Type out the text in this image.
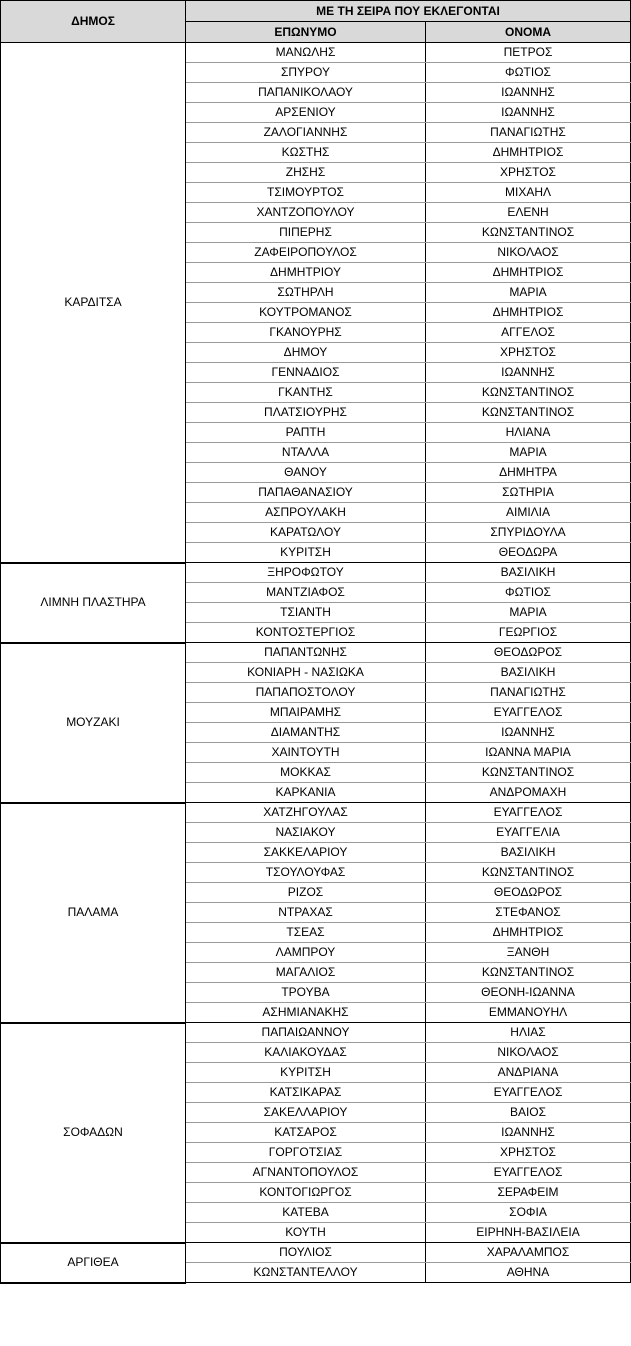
ΔΗΜΟΣ	ΜΕ ΤΗ ΣΕΙΡΑ ΠΟΥ ΕΚΛΕΓΟΝΤΑΙ	
	ΕΠΩΝΥΜΟ	ΟΝΟΜΑ
ΚΑΡΔΙΤΣΑ	ΜΑΝΩΛΗΣ	ΠΕΤΡΟΣ
	ΣΠΥΡΟΥ	ΦΩΤΙΟΣ
	ΠΑΠΑΝΙΚΟΛΑΟΥ	ΙΩΑΝΝΗΣ
	ΑΡΣΕΝΙΟΥ	ΙΩΑΝΝΗΣ
	ΖΑΛΟΓΙΑΝΝΗΣ	ΠΑΝΑΓΙΩΤΗΣ
	ΚΩΣΤΗΣ	ΔΗΜΗΤΡΙΟΣ
	ΖΗΣΗΣ	ΧΡΗΣΤΟΣ
	ΤΣΙΜΟΥΡΤΟΣ	ΜΙΧΑΗΛ
	ΧΑΝΤΖΟΠΟΥΛΟΥ	ΕΛΕΝΗ
	ΠΙΠΕΡΗΣ	ΚΩΝΣΤΑΝΤΙΝΟΣ
	ΖΑΦΕΙΡΟΠΟΥΛΟΣ	ΝΙΚΟΛΑΟΣ
	ΔΗΜΗΤΡΙΟΥ	ΔΗΜΗΤΡΙΟΣ
	ΣΩΤΗΡΛΗ	ΜΑΡΙΑ
	ΚΟΥΤΡΟΜΑΝΟΣ	ΔΗΜΗΤΡΙΟΣ
	ΓΚΑΝΟΥΡΗΣ	ΑΓΓΕΛΟΣ
	ΔΗΜΟΥ	ΧΡΗΣΤΟΣ
	ΓΕΝΝΑΔΙΟΣ	ΙΩΑΝΝΗΣ
	ΓΚΑΝΤΗΣ	ΚΩΝΣΤΑΝΤΙΝΟΣ
	ΠΛΑΤΣΙΟΥΡΗΣ	ΚΩΝΣΤΑΝΤΙΝΟΣ
	ΡΑΠΤΗ	ΗΛΙΑΝΑ
	ΝΤΑΛΛΑ	ΜΑΡΙΑ
	ΘΑΝΟΥ	ΔΗΜΗΤΡΑ
	ΠΑΠΑΘΑΝΑΣΙΟΥ	ΣΩΤΗΡΙΑ
	ΑΣΠΡΟΥΛΑΚΗ	ΑΙΜΙΛΙΑ
	ΚΑΡΑΤΩΛΟΥ	ΣΠΥΡΙΔΟΥΛΑ
	ΚΥΡΙΤΣΗ	ΘΕΟΔΩΡΑ
ΛΙΜΝΗ ΠΛΑΣΤΗΡΑ	ΞΗΡΟΦΩΤΟΥ	ΒΑΣΙΛΙΚΗ
	ΜΑΝΤΖΙΑΦΟΣ	ΦΩΤΙΟΣ
	ΤΣΙΑΝΤΗ	ΜΑΡΙΑ
	ΚΟΝΤΟΣΤΕΡΓΙΟΣ	ΓΕΩΡΓΙΟΣ
ΜΟΥΖΑΚΙ	ΠΑΠΑΝΤΩΝΗΣ	ΘΕΟΔΩΡΟΣ
	ΚΟΝΙΑΡΗ - ΝΑΣΙΩΚΑ	ΒΑΣΙΛΙΚΗ
	ΠΑΠΑΠΟΣΤΟΛΟΥ	ΠΑΝΑΓΙΩΤΗΣ
	ΜΠΑΙΡΑΜΗΣ	ΕΥΑΓΓΕΛΟΣ
	ΔΙΑΜΑΝΤΗΣ	ΙΩΑΝΝΗΣ
	ΧΑΙΝΤΟΥΤΗ	ΙΩΑΝΝΑ ΜΑΡΙΑ
	ΜΟΚΚΑΣ	ΚΩΝΣΤΑΝΤΙΝΟΣ
	ΚΑΡΚΑΝΙΑ	ΑΝΔΡΟΜΑΧΗ
ΠΑΛΑΜΑ	ΧΑΤΖΗΓΟΥΛΑΣ	ΕΥΑΓΓΕΛΟΣ
	ΝΑΣΙΑΚΟΥ	ΕΥΑΓΓΕΛΙΑ
	ΣΑΚΚΕΛΑΡΙΟΥ	ΒΑΣΙΛΙΚΗ
	ΤΣΟΥΛΟΥΦΑΣ	ΚΩΝΣΤΑΝΤΙΝΟΣ
	ΡΙΖΟΣ	ΘΕΟΔΩΡΟΣ
	ΝΤΡΑΧΑΣ	ΣΤΕΦΑΝΟΣ
	ΤΣΕΑΣ	ΔΗΜΗΤΡΙΟΣ
	ΛΑΜΠΡΟΥ	ΞΑΝΘΗ
	ΜΑΓΑΛΙΟΣ	ΚΩΝΣΤΑΝΤΙΝΟΣ
	ΤΡΟΥΒΑ	ΘΕΟΝΗ-ΙΩΑΝΝΑ
	ΑΣΗΜΙΑΝΑΚΗΣ	ΕΜΜΑΝΟΥΗΛ
ΣΟΦΑΔΩΝ	ΠΑΠΑΙΩΑΝΝΟΥ	ΗΛΙΑΣ
	ΚΑΛΙΑΚΟΥΔΑΣ	ΝΙΚΟΛΑΟΣ
	ΚΥΡΙΤΣΗ	ΑΝΔΡΙΑΝΑ
	ΚΑΤΣΙΚΑΡΑΣ	ΕΥΑΓΓΕΛΟΣ
	ΣΑΚΕΛΛΑΡΙΟΥ	ΒΑΙΟΣ
	ΚΑΤΣΑΡΟΣ	ΙΩΑΝΝΗΣ
	ΓΟΡΓΟΤΣΙΑΣ	ΧΡΗΣΤΟΣ
	ΑΓΝΑΝΤΟΠΟΥΛΟΣ	ΕΥΑΓΓΕΛΟΣ
	ΚΟΝΤΟΓΙΩΡΓΟΣ	ΣΕΡΑΦΕΙΜ
	ΚΑΤΕΒΑ	ΣΟΦΙΑ
	ΚΟΥΤΗ	ΕΙΡΗΝΗ-ΒΑΣΙΛΕΙΑ
ΑΡΓΙΘΕΑ	ΠΟΥΛΙΟΣ	ΧΑΡΑΛΑΜΠΟΣ
	ΚΩΝΣΤΑΝΤΕΛΛΟΥ	ΑΘΗΝΑ
